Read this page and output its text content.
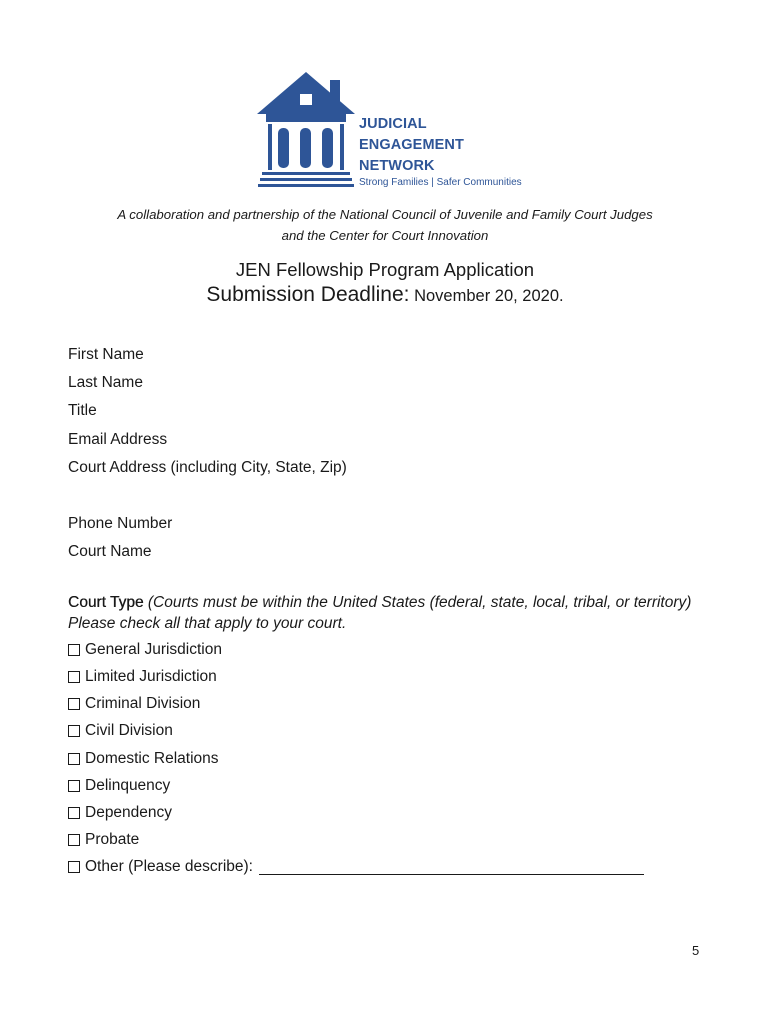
JUDICIAL
ENGAGEMENT
NETWORK
Strong Families | Safer Communities
A collaboration and partnership of the National Council of Juvenile and Family Court Judges
and the Center for Court Innovation
JEN Fellowship Program Application
Submission Deadline: November 20, 2020.
First Name
Last Name
Title
Email Address
Court Address (including City, State, Zip)
Phone Number
Court Name
Court Type (Courts must be within the United States (federal, state, local, tribal, or territory) Please check all that apply to your court.
General Jurisdiction
Limited Jurisdiction
Criminal Division
Civil Division
Domestic Relations
Delinquency
Dependency
Probate
Other (Please describe):
5
